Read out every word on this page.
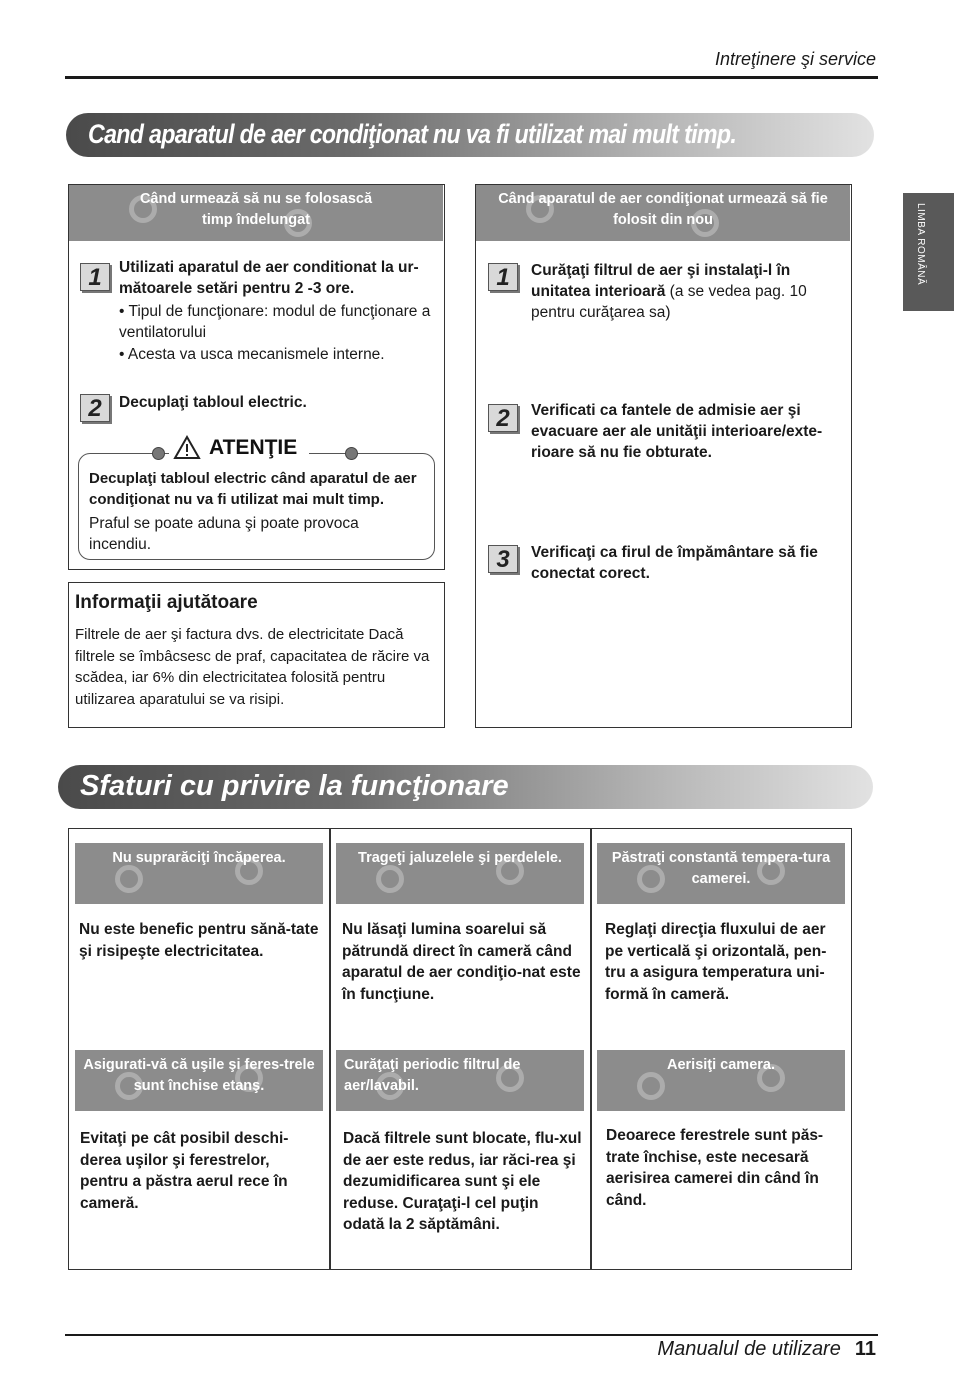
Intreţinere şi service
LIMBA ROMÂNĂ
Cand aparatul de aer condiţionat nu va fi utilizat mai mult timp.
Când urmează să nu se folosască timp îndelungat
1	Utilizati aparatul de aer conditionat la ur-mătoarele setări pentru 2 -3 ore.
• Tipul de funcţionare: modul de funcţionare a ventilatorului
• Acesta va usca mecanismele interne.
2	Decuplaţi tabloul electric.
Decuplaţi tabloul electric când aparatul de aer condiţionat nu va fi utilizat mai mult timp.
Praful se poate aduna şi poate provoca incendiu.
ATENŢIE
Informaţii ajutătoare
Filtrele de aer şi factura dvs. de electricitate Dacă filtrele se îmbâcsesc de praf, capacitatea de răcire va scădea, iar 6% din electricitatea folosită pentru utilizarea aparatului se va risipi.
Când aparatul de aer condiţionat urmează să fie folosit din nou
1	Curăţaţi filtrul de aer şi instalaţi-l în unitatea interioară (a se vedea pag. 10 pentru curăţarea sa)
2	Verificati ca fantele de admisie aer şi evacuare aer ale unităţii interioare/exte-rioare să nu fie obturate.
3	Verificaţi ca firul de împământare să fie conectat corect.
Sfaturi cu privire la funcţionare
Nu suprarăciţi încăperea.
Nu este benefic pentru sănă-tate şi risipeşte electricitatea.
Trageţi jaluzelele şi perdelele.
Nu lăsaţi lumina soarelui să pătrundă direct în cameră când aparatul de aer condiţio-nat este în funcţiune.
Păstraţi constantă tempera-tura camerei.
Reglaţi direcţia fluxului de aer pe verticală şi orizontală, pen-tru a asigura temperatura uni-formă în cameră.
Asigurati-vă că uşile şi feres-trele sunt închise etanş.
Evitaţi pe cât posibil deschi-derea uşilor şi ferestrelor, pentru a păstra aerul rece în cameră.
Curăţaţi periodic filtrul de aer/lavabil.
Dacă filtrele sunt blocate, flu-xul de aer este redus, iar răci-rea şi dezumidificarea sunt şi ele reduse. Curaţaţi-l cel puţin odată la 2 săptămâni.
Aerisiţi camera.
Deoarece ferestrele sunt păs-trate închise, este necesară aerisirea camerei din când în când.
Manualul de utilizare 11
